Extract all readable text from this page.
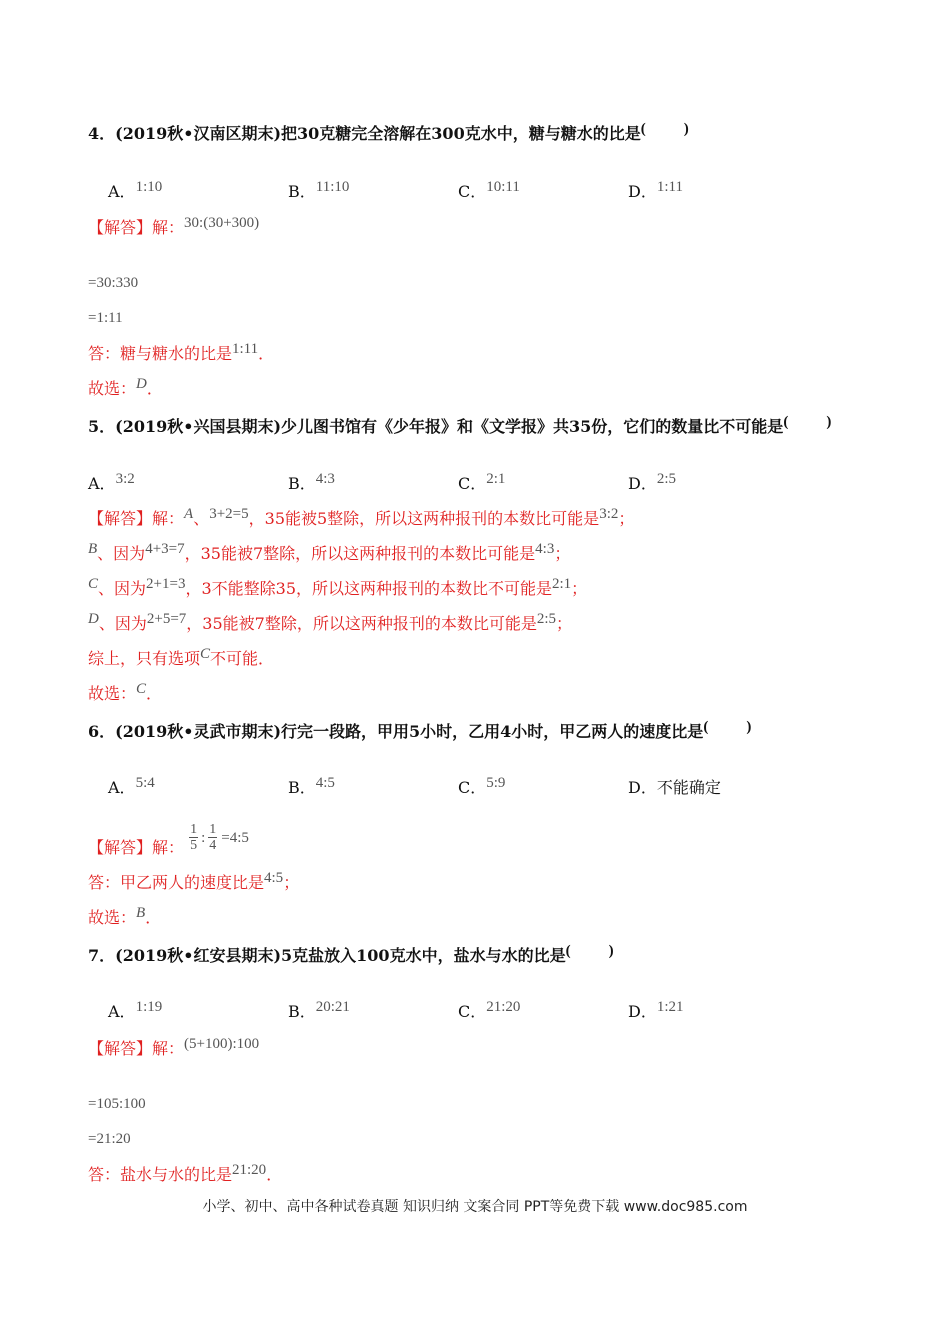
4．(2019秋•汉南区期末)把30克糖完全溶解在300克水中，糖与糖水的比是(	)
A．1:10	B．11:10	C．10:11	D．1:11
【解答】解：30:(30+300)
=30:330
=1:11
答：糖与糖水的比是1:11．
故选：D．
5．(2019秋•兴国县期末)少儿图书馆有《少年报》和《文学报》共35份，它们的数量比不可能是(	)
A．3:2	B．4:3	C．2:1	D．2:5
【解答】解：A、3+2=5，35能被5整除，所以这两种报刊的本数比可能是3:2；
B、因为4+3=7，35能被7整除，所以这两种报刊的本数比可能是4:3；
C、因为2+1=3，3不能整除35，所以这两种报刊的本数比不可能是2:1；
D、因为2+5=7，35能被7整除，所以这两种报刊的本数比可能是2:5；
综上，只有选项C不可能．
故选：C．
6．(2019秋•灵武市期末)行完一段路，甲用5小时，乙用4小时，甲乙两人的速度比是(	)
A．5:4	B．4:5	C．5:9	D．不能确定
【解答】解： $\frac{1}{5}$ : $\frac{1}{4}$ =4:5
答：甲乙两人的速度比是4:5；
故选：B．
7．(2019秋•红安县期末)5克盐放入100克水中，盐水与水的比是(	)
A．1:19	B．20:21	C．21:20	D．1:21
【解答】解：(5+100):100
=105:100
=21:20
答：盐水与水的比是21:20．
小学、初中、高中各种试卷真题 知识归纳 文案合同 PPT等免费下载 www.doc985.com
